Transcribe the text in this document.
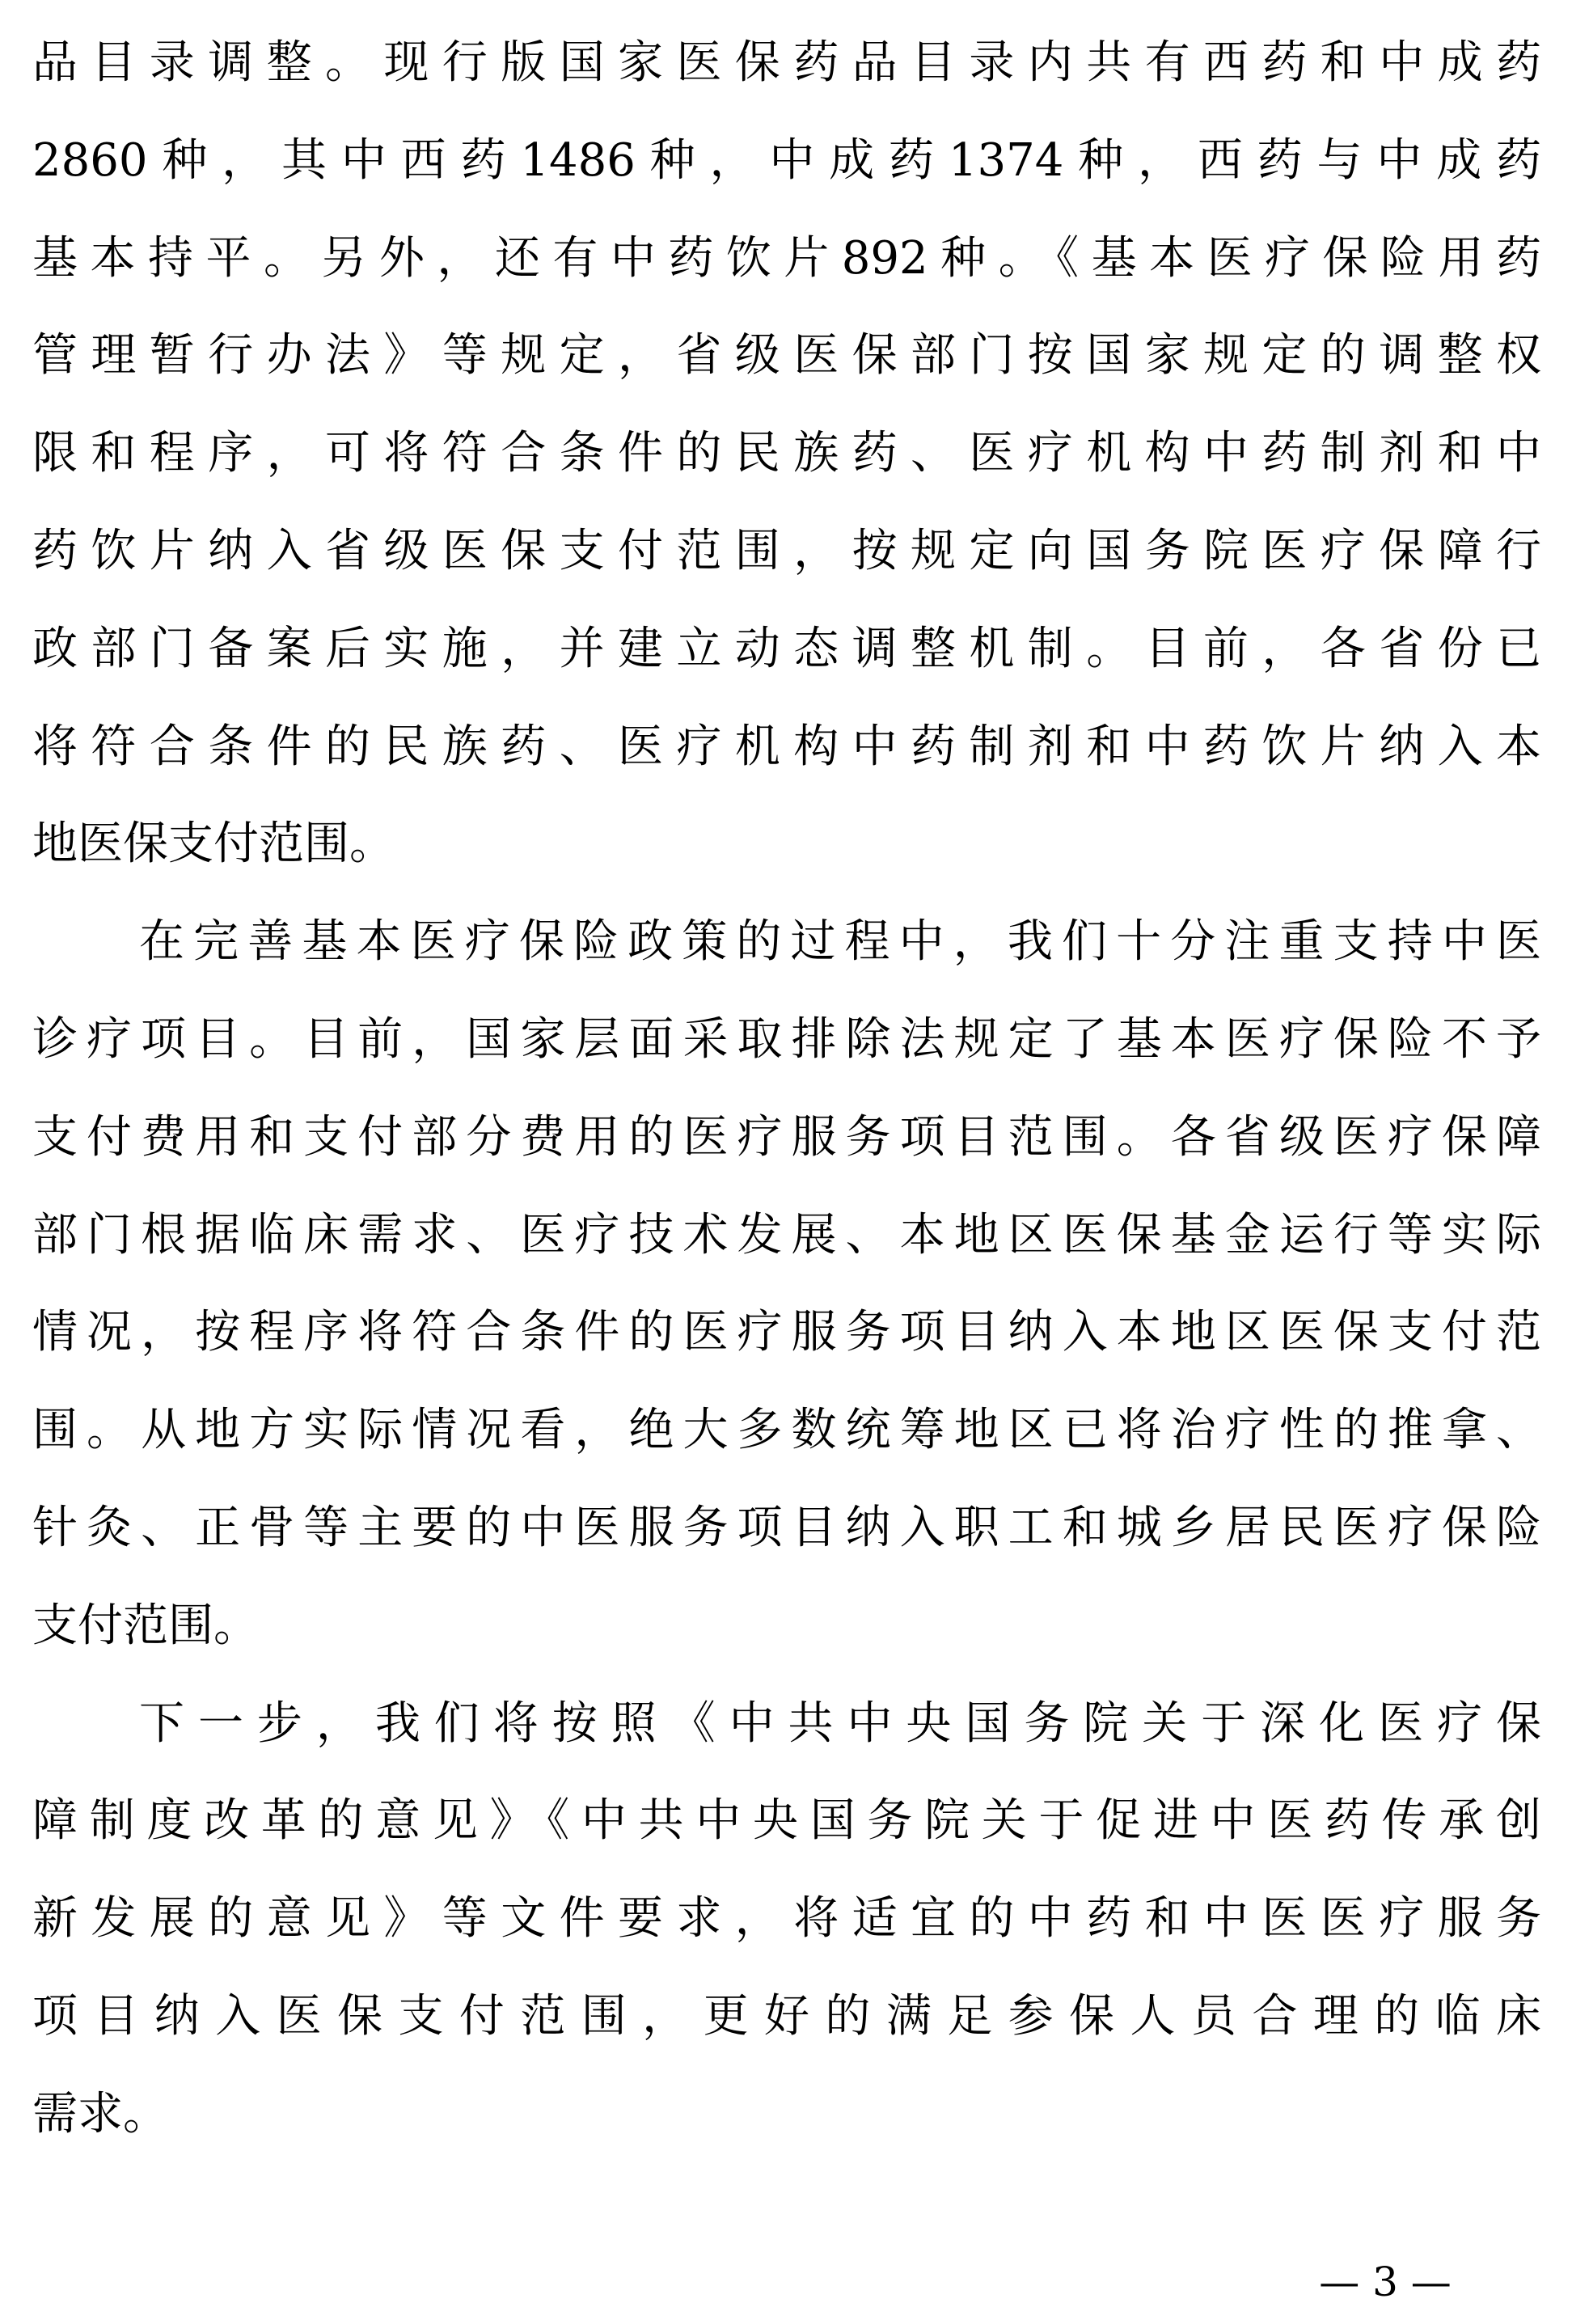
品目录调整。现行版国家医保药品目录内共有西药和中成药
2860种，其中西药1486种，中成药1374种，西药与中成药
基本持平。另外，还有中药饮片892种。《基本医疗保险用药
管理暂行办法》等规定，省级医保部门按国家规定的调整权
限和程序，可将符合条件的民族药、医疗机构中药制剂和中
药饮片纳入省级医保支付范围，按规定向国务院医疗保障行
政部门备案后实施，并建立动态调整机制。目前，各省份已
将符合条件的民族药、医疗机构中药制剂和中药饮片纳入本
地医保支付范围。
在完善基本医疗保险政策的过程中，我们十分注重支持中医
诊疗项目。目前，国家层面采取排除法规定了基本医疗保险不予
支付费用和支付部分费用的医疗服务项目范围。各省级医疗保障
部门根据临床需求、医疗技术发展、本地区医保基金运行等实际
情况，按程序将符合条件的医疗服务项目纳入本地区医保支付范
围。从地方实际情况看，绝大多数统筹地区已将治疗性的推拿、
针灸、正骨等主要的中医服务项目纳入职工和城乡居民医疗保险
支付范围。
下一步，我们将按照《中共中央国务院关于深化医疗保
障制度改革的意见》《中共中央国务院关于促进中医药传承创
新发展的意见》等文件要求，将适宜的中药和中医医疗服务
项目纳入医保支付范围，更好的满足参保人员合理的临床
需求。
— 3 —
